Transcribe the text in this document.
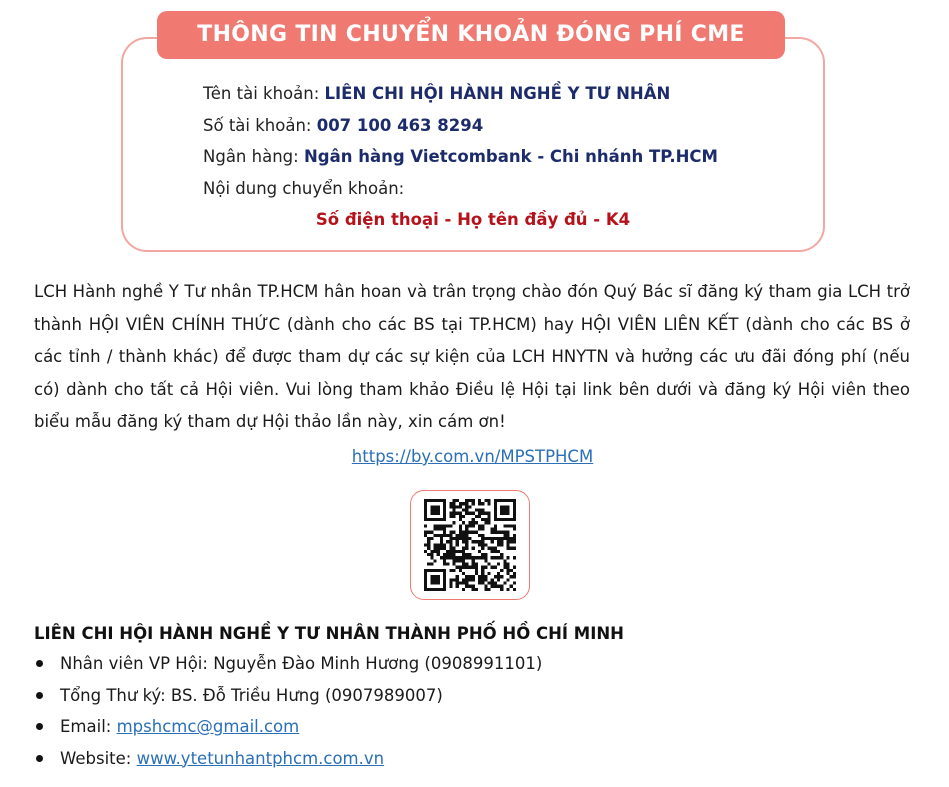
THÔNG TIN CHUYỂN KHOẢN ĐÓNG PHÍ CME
Tên tài khoản: LIÊN CHI HỘI HÀNH NGHỀ Y TƯ NHÂN
Số tài khoản: 007 100 463 8294
Ngân hàng: Ngân hàng Vietcombank - Chi nhánh TP.HCM
Nội dung chuyển khoản:
Số điện thoại - Họ tên đầy đủ - K4
LCH Hành nghề Y Tư nhân TP.HCM hân hoan và trân trọng chào đón Quý Bác sĩ đăng ký tham gia LCH trở thành HỘI VIÊN CHÍNH THỨC (dành cho các BS tại TP.HCM) hay HỘI VIÊN LIÊN KẾT (dành cho các BS ở các tỉnh / thành khác) để được tham dự các sự kiện của LCH HNYTN và hưởng các ưu đãi đóng phí (nếu có) dành cho tất cả Hội viên. Vui lòng tham khảo Điều lệ Hội tại link bên dưới và đăng ký Hội viên theo biểu mẫu đăng ký tham dự Hội thảo lần này, xin cám ơn!
https://by.com.vn/MPSTPHCM
LIÊN CHI HỘI HÀNH NGHỀ Y TƯ NHÂN THÀNH PHỐ HỒ CHÍ MINH
Nhân viên VP Hội: Nguyễn Đào Minh Hương (0908991101)
Tổng Thư ký: BS. Đỗ Triều Hưng (0907989007)
Email: mpshcmc@gmail.com
Website: www.ytetunhantphcm.com.vn
